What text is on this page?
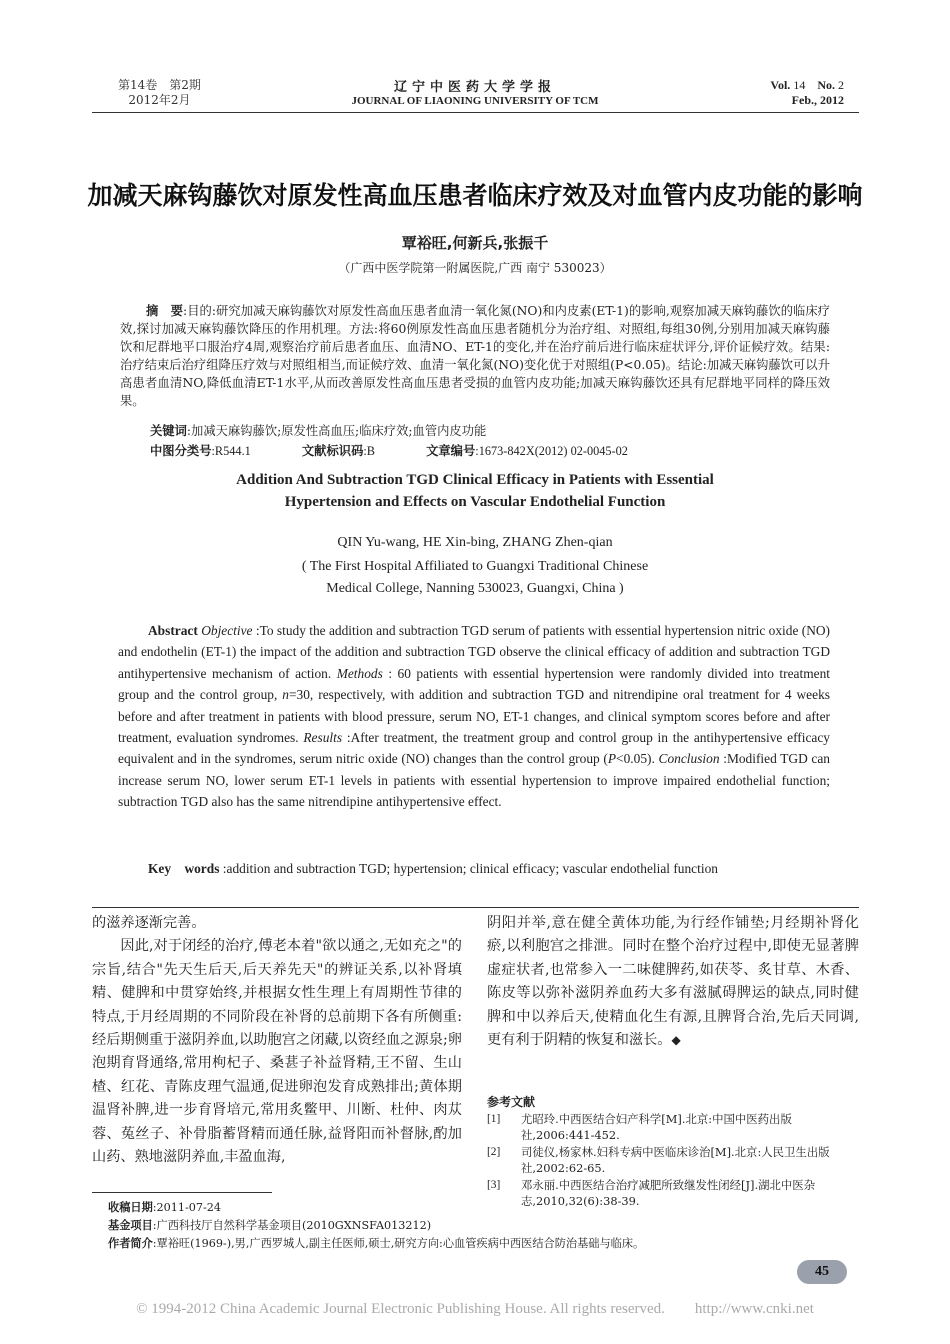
第14卷　第2期
2012年2月
辽宁中医药大学学报
JOURNAL OF LIAONING UNIVERSITY OF TCM
Vol. 14　 No. 2
Feb., 2012
加减天麻钩藤饮对原发性高血压患者临床疗效及对血管内皮功能的影响
覃裕旺,何新兵,张振千
（广西中医学院第一附属医院,广西 南宁 530023）
摘　要:目的:研究加减天麻钩藤饮对原发性高血压患者血清一氧化氮(NO)和内皮素(ET-1)的影响,观察加减天麻钩藤饮的临床疗效,探讨加减天麻钩藤饮降压的作用机理。方法:将60例原发性高血压患者随机分为治疗组、对照组,每组30例,分别用加减天麻钩藤饮和尼群地平口服治疗4周,观察治疗前后患者血压、血清NO、ET-1的变化,并在治疗前后进行临床症状评分,评价证候疗效。结果:治疗结束后治疗组降压疗效与对照组相当,而证候疗效、血清一氧化氮(NO)变化优于对照组(P<0.05)。结论:加减天麻钩藤饮可以升高患者血清NO,降低血清ET-1水平,从而改善原发性高血压患者受损的血管内皮功能;加减天麻钩藤饮还具有尼群地平同样的降压效果。
关键词:加减天麻钩藤饮;原发性高血压;临床疗效;血管内皮功能
中图分类号:R544.1	文献标识码:B	文章编号:1673-842X(2012) 02-0045-02
Addition And Subtraction TGD Clinical Efficacy in Patients with Essential
Hypertension and Effects on Vascular Endothelial Function
QIN Yu-wang, HE Xin-bing, ZHANG Zhen-qian
( The First Hospital Affiliated to Guangxi Traditional Chinese
Medical College, Nanning 530023, Guangxi, China )
Abstract Objective :To study the addition and subtraction TGD serum of patients with essential hypertension nitric oxide (NO) and endothelin (ET-1) the impact of the addition and subtraction TGD observe the clinical efficacy of addition and subtraction TGD antihypertensive mechanism of action. Methods : 60 patients with essential hypertension were randomly divided into treatment group and the control group, n=30, respectively, with addition and subtraction TGD and nitrendipine oral treatment for 4 weeks before and after treatment in patients with blood pressure, serum NO, ET-1 changes, and clinical symptom scores before and after treatment, evaluation syndromes. Results :After treatment, the treatment group and control group in the antihypertensive efficacy equivalent and in the syndromes, serum nitric oxide (NO) changes than the control group (P<0.05). Conclusion :Modified TGD can increase serum NO, lower serum ET-1 levels in patients with essential hypertension to improve impaired endothelial function; subtraction TGD also has the same nitrendipine antihypertensive effect.
Key　words :addition and subtraction TGD; hypertension; clinical efficacy; vascular endothelial function

的滋养逐渐完善。

因此,对于闭经的治疗,傅老本着"欲以通之,无如充之"的宗旨,结合"先天生后天,后天养先天"的辨证关系,以补肾填精、健脾和中贯穿始终,并根据女性生理上有周期性节律的特点,于月经周期的不同阶段在补肾的总前期下各有所侧重:经后期侧重于滋阴养血,以助胞宫之闭藏,以资经血之源泉;卵泡期育肾通络,常用枸杞子、桑葚子补益肾精,王不留、生山楂、红花、青陈皮理气温通,促进卵泡发育成熟排出;黄体期温肾补脾,进一步育肾培元,常用炙鳖甲、川断、杜仲、肉苁蓉、菟丝子、补骨脂蓄肾精而通任脉,益肾阳而补督脉,酌加山药、熟地滋阴养血,丰盈血海,

阴阳并举,意在健全黄体功能,为行经作铺垫;月经期补肾化瘀,以利胞宫之排泄。同时在整个治疗过程中,即使无显著脾虚症状者,也常参入一二味健脾药,如茯苓、炙甘草、木香、陈皮等以弥补滋阴养血药大多有滋腻碍脾运的缺点,同时健脾和中以养后天,使精血化生有源,且脾肾合治,先后天同调,更有利于阴精的恢复和滋长。◆

参考文献
[1]	尤昭玲.中西医结合妇产科学[M].北京:中国中医药出版社,2006:441-452.
[2]	司徒仪,杨家林.妇科专病中医临床诊治[M].北京:人民卫生出版社,2002:62-65.
[3]	邓永丽.中西医结合治疗减肥所致继发性闭经[J].湖北中医杂志,2010,32(6):38-39.
收稿日期:2011-07-24
基金项目:广西科技厅自然科学基金项目(2010GXNSFA013212)
作者简介:覃裕旺(1969-),男,广西罗城人,副主任医师,硕士,研究方向:心血管疾病中西医结合防治基础与临床。
45
© 1994-2012 China Academic Journal Electronic Publishing House. All rights reserved.　　http://www.cnki.net
